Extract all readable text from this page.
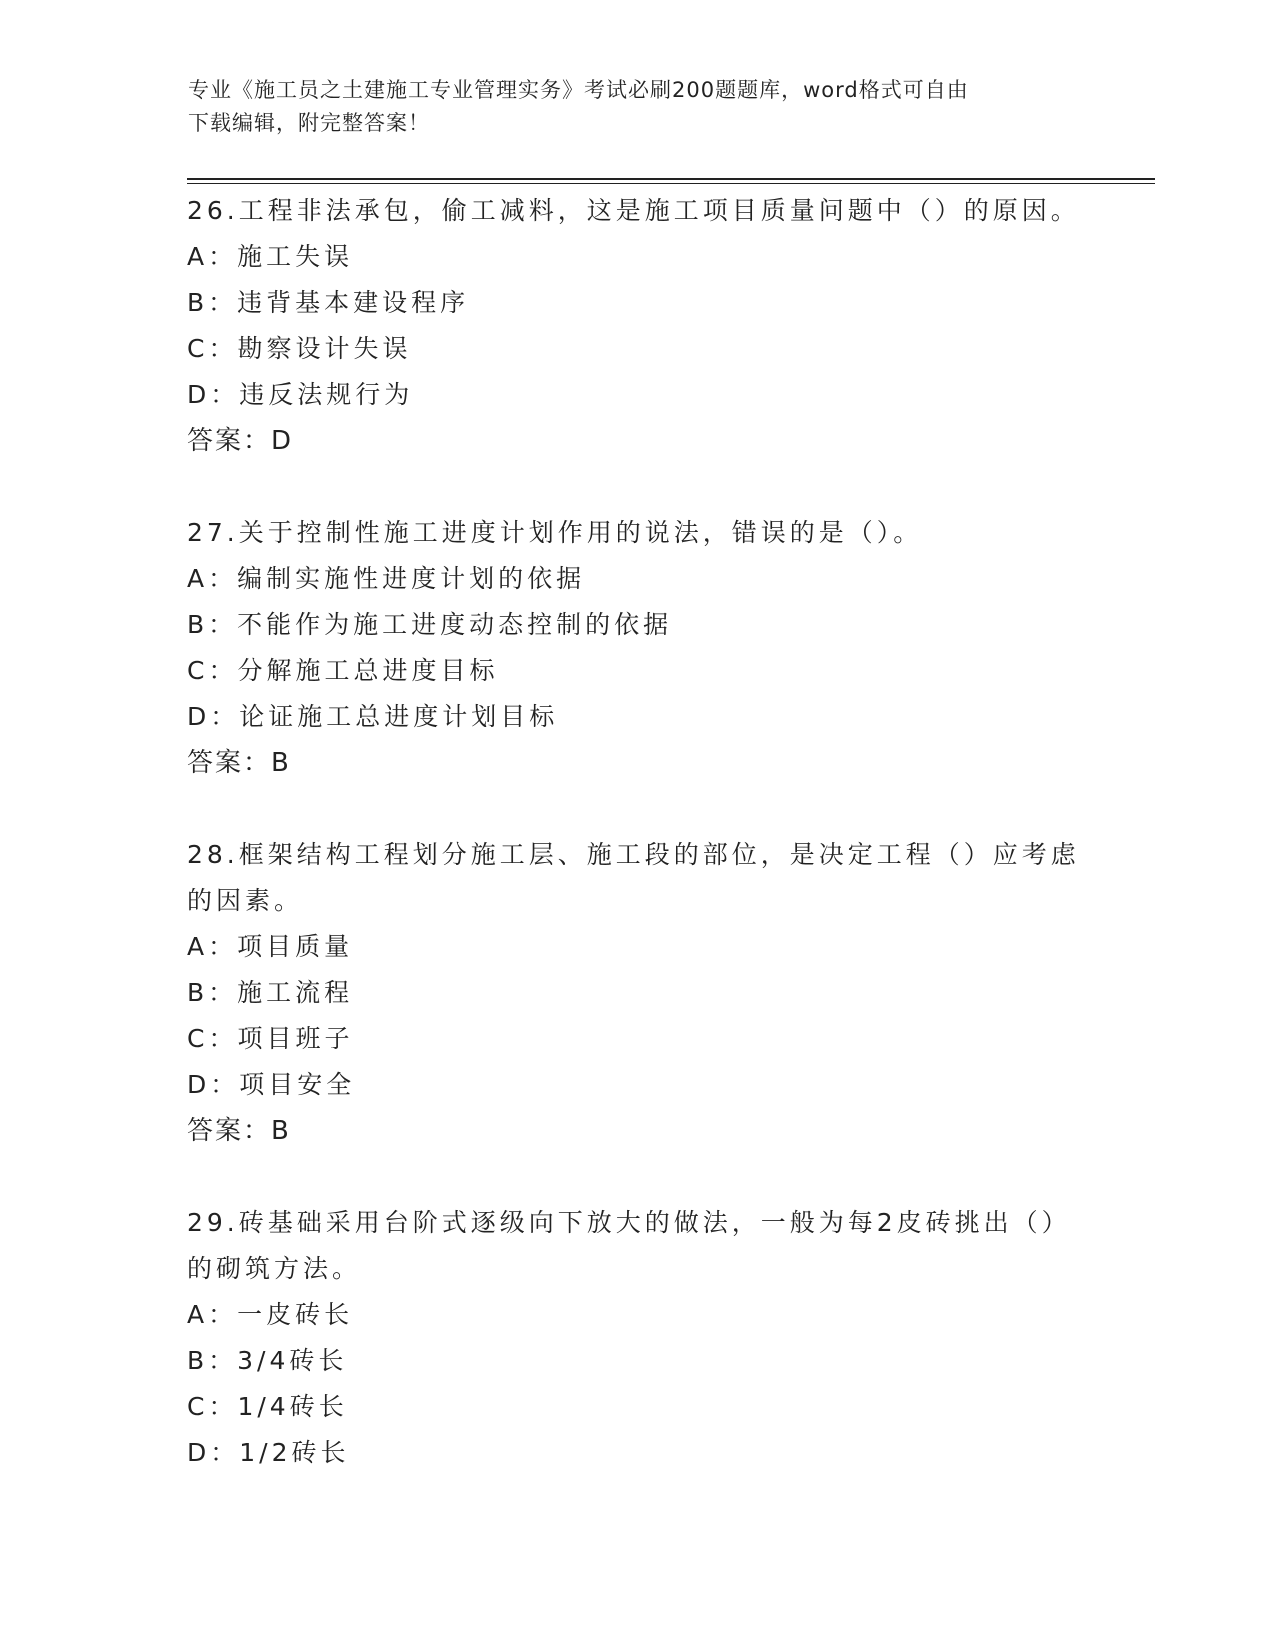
专业《施工员之土建施工专业管理实务》考试必刷200题题库，word格式可自由
下载编辑，附完整答案！
26.工程非法承包，偷工减料，这是施工项目质量问题中（）的原因。
A：施工失误
B：违背基本建设程序
C：勘察设计失误
D：违反法规行为
答案：D
27.关于控制性施工进度计划作用的说法，错误的是（）。
A：编制实施性进度计划的依据
B：不能作为施工进度动态控制的依据
C：分解施工总进度目标
D：论证施工总进度计划目标
答案：B
28.框架结构工程划分施工层、施工段的部位，是决定工程（）应考虑的因素。
A：项目质量
B：施工流程
C：项目班子
D：项目安全
答案：B
29.砖基础采用台阶式逐级向下放大的做法，一般为每2皮砖挑出（）的砌筑方法。
A：一皮砖长
B：3/4砖长
C：1/4砖长
D：1/2砖长
